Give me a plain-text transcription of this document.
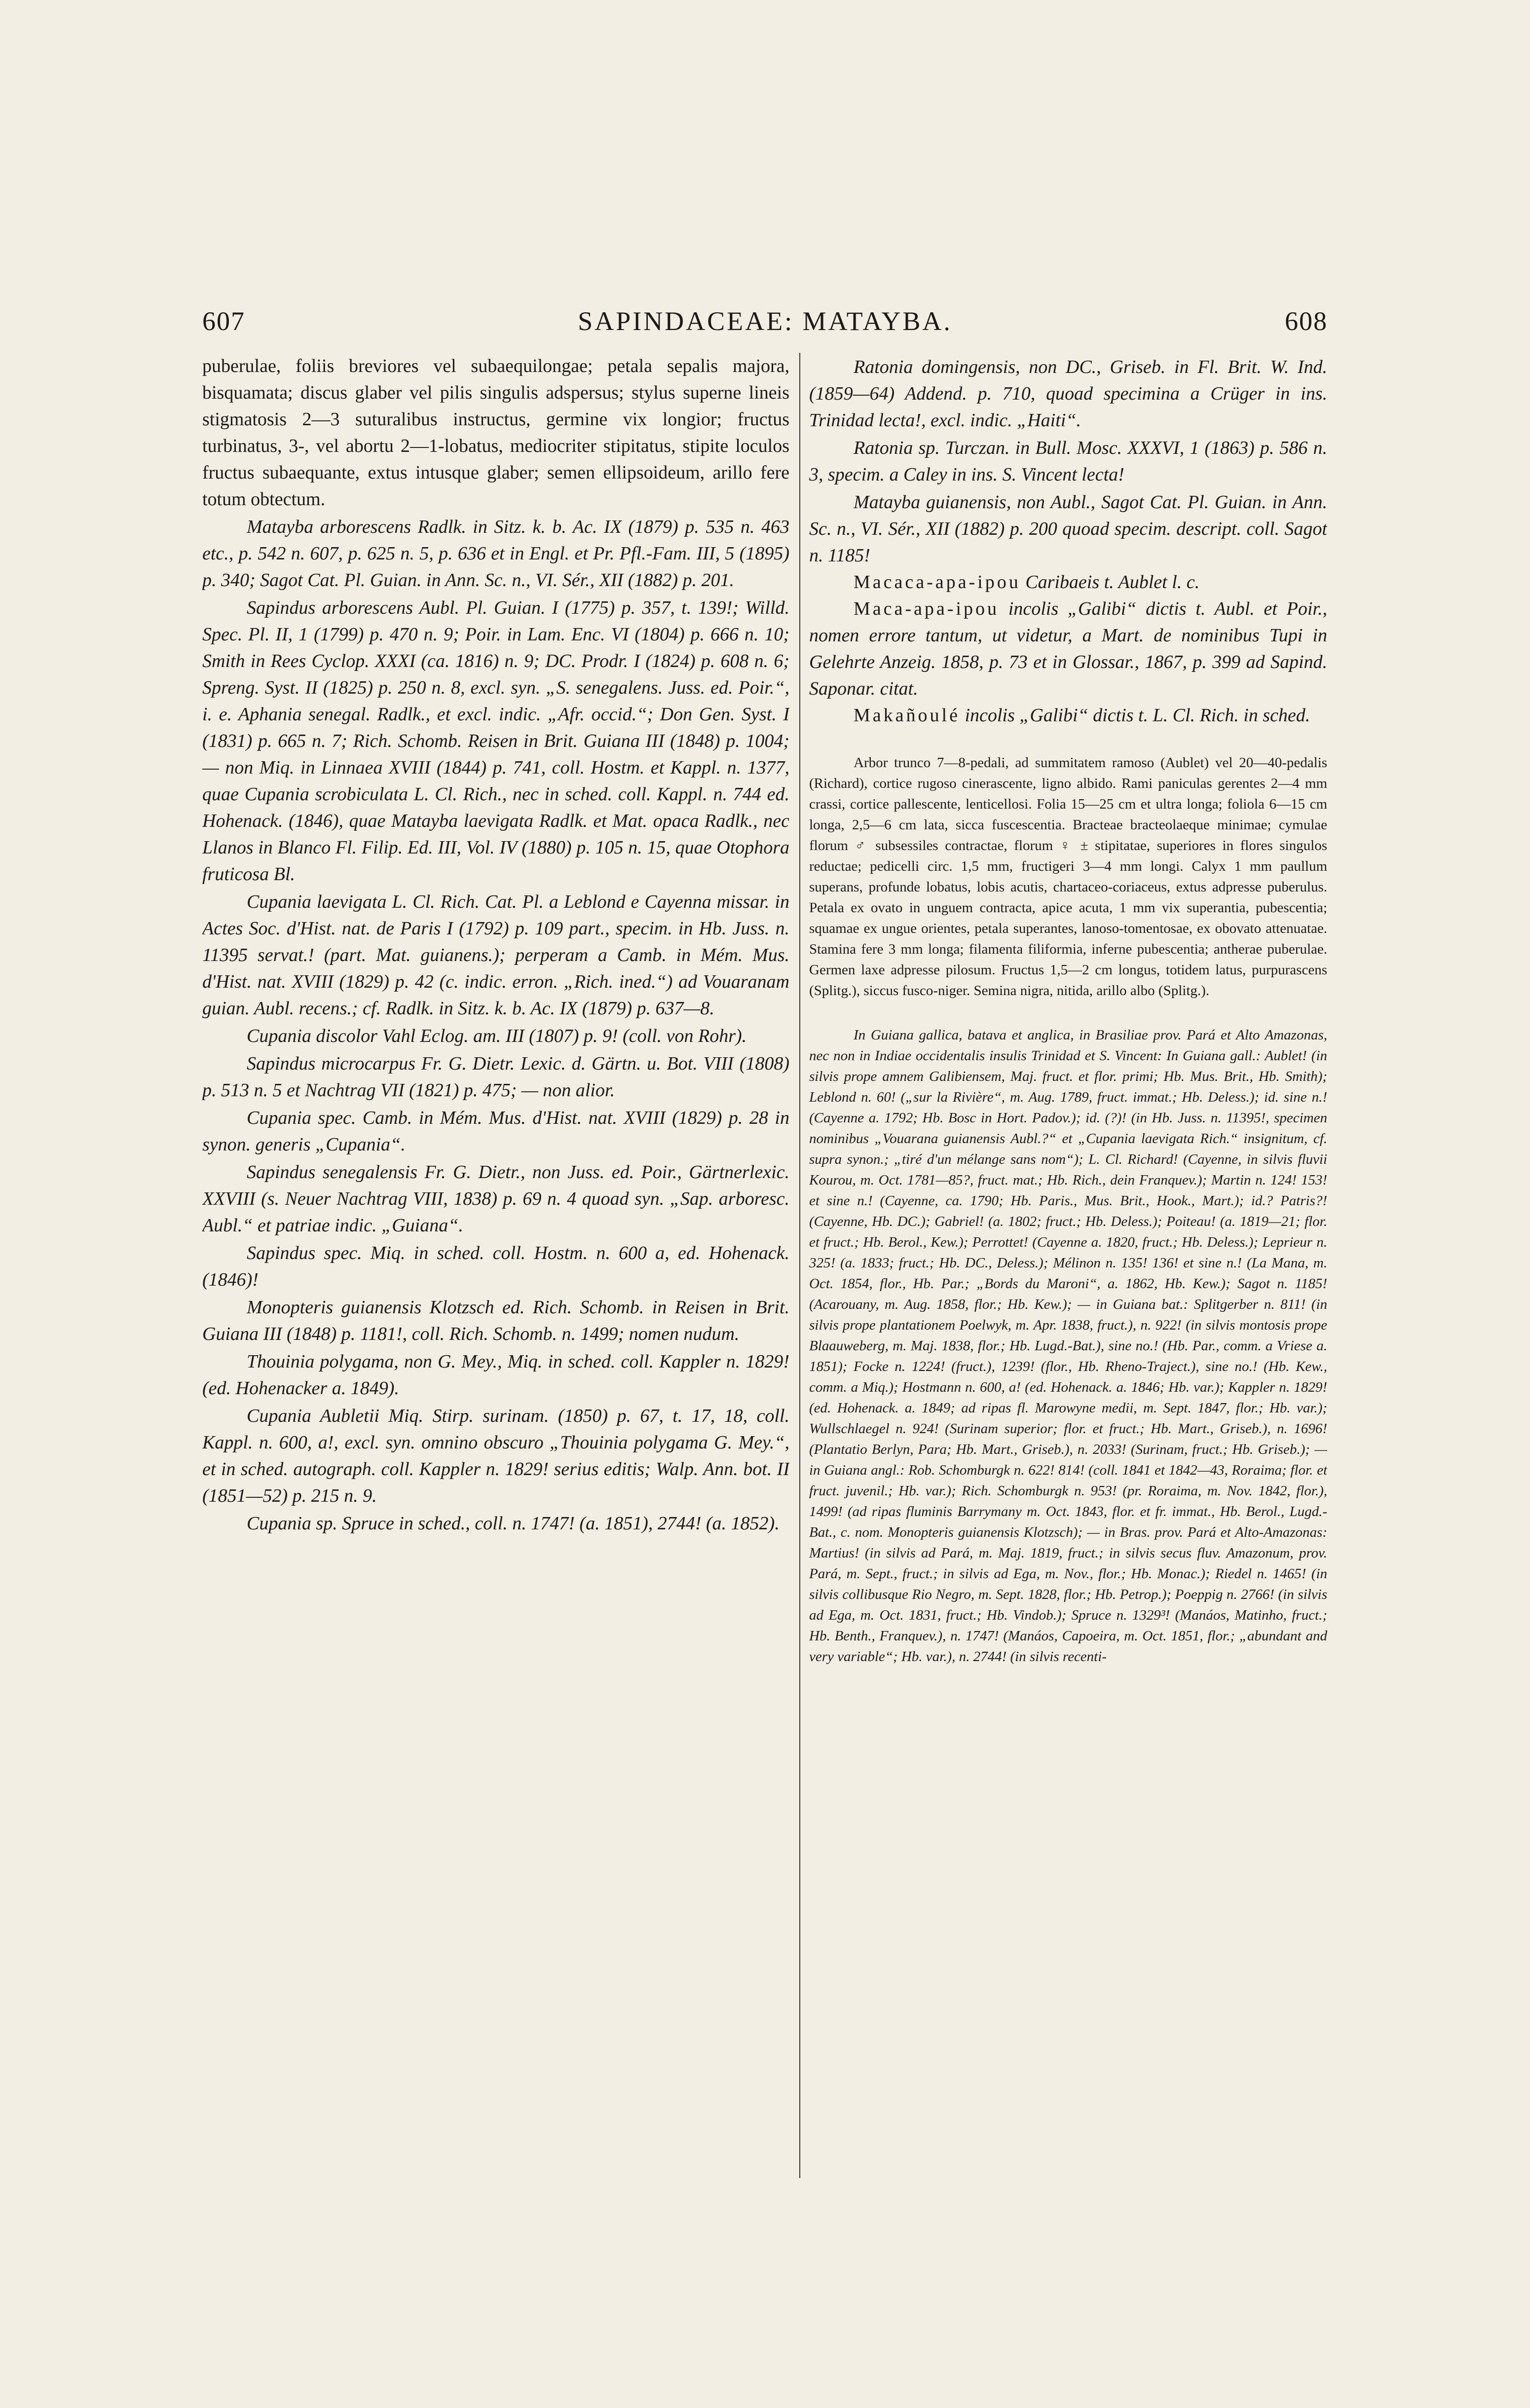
607	SAPINDACEAE: MATAYBA.	608

puberulae, foliis breviores vel subaequilongae; petala sepalis majora, bisquamata; discus glaber vel pilis singulis adspersus; stylus superne lineis stigmatosis 2—3 suturalibus instructus, germine vix longior; fructus turbinatus, 3-, vel abortu 2—1-lobatus, mediocriter stipitatus, stipite loculos fructus subaequante, extus intusque glaber; semen ellipsoideum, arillo fere totum obtectum.

Matayba arborescens Radlk. in Sitz. k. b. Ac. IX (1879) p. 535 n. 463 etc., p. 542 n. 607, p. 625 n. 5, p. 636 et in Engl. et Pr. Pfl.-Fam. III, 5 (1895) p. 340; Sagot Cat. Pl. Guian. in Ann. Sc. n., VI. Sér., XII (1882) p. 201.

Sapindus arborescens Aubl. Pl. Guian. I (1775) p. 357, t. 139!; Willd. Spec. Pl. II, 1 (1799) p. 470 n. 9; Poir. in Lam. Enc. VI (1804) p. 666 n. 10; Smith in Rees Cyclop. XXXI (ca. 1816) n. 9; DC. Prodr. I (1824) p. 608 n. 6; Spreng. Syst. II (1825) p. 250 n. 8, excl. syn. „S. senegalens. Juss. ed. Poir.“, i. e. Aphania senegal. Radlk., et excl. indic. „Afr. occid.“; Don Gen. Syst. I (1831) p. 665 n. 7; Rich. Schomb. Reisen in Brit. Guiana III (1848) p. 1004; — non Miq. in Linnaea XVIII (1844) p. 741, coll. Hostm. et Kappl. n. 1377, quae Cupania scrobiculata L. Cl. Rich., nec in sched. coll. Kappl. n. 744 ed. Hohenack. (1846), quae Matayba laevigata Radlk. et Mat. opaca Radlk., nec Llanos in Blanco Fl. Filip. Ed. III, Vol. IV (1880) p. 105 n. 15, quae Otophora fruticosa Bl.

Cupania laevigata L. Cl. Rich. Cat. Pl. a Leblond e Cayenna missar. in Actes Soc. d'Hist. nat. de Paris I (1792) p. 109 part., specim. in Hb. Juss. n. 11395 servat.! (part. Mat. guianens.); perperam a Camb. in Mém. Mus. d'Hist. nat. XVIII (1829) p. 42 (c. indic. erron. „Rich. ined.“) ad Vouaranam guian. Aubl. recens.; cf. Radlk. in Sitz. k. b. Ac. IX (1879) p. 637—8.

Cupania discolor Vahl Eclog. am. III (1807) p. 9! (coll. von Rohr).

Sapindus microcarpus Fr. G. Dietr. Lexic. d. Gärtn. u. Bot. VIII (1808) p. 513 n. 5 et Nachtrag VII (1821) p. 475; — non alior.

Cupania spec. Camb. in Mém. Mus. d'Hist. nat. XVIII (1829) p. 28 in synon. generis „Cupania“.

Sapindus senegalensis Fr. G. Dietr., non Juss. ed. Poir., Gärtnerlexic. XXVIII (s. Neuer Nachtrag VIII, 1838) p. 69 n. 4 quoad syn. „Sap. arboresc. Aubl.“ et patriae indic. „Guiana“.

Sapindus spec. Miq. in sched. coll. Hostm. n. 600 a, ed. Hohenack. (1846)!

Monopteris guianensis Klotzsch ed. Rich. Schomb. in Reisen in Brit. Guiana III (1848) p. 1181!, coll. Rich. Schomb. n. 1499; nomen nudum.

Thouinia polygama, non G. Mey., Miq. in sched. coll. Kappler n. 1829! (ed. Hohenacker a. 1849).

Cupania Aubletii Miq. Stirp. surinam. (1850) p. 67, t. 17, 18, coll. Kappl. n. 600, a!, excl. syn. omnino obscuro „Thouinia polygama G. Mey.“, et in sched. autograph. coll. Kappler n. 1829! serius editis; Walp. Ann. bot. II (1851—52) p. 215 n. 9.

Cupania sp. Spruce in sched., coll. n. 1747! (a. 1851), 2744! (a. 1852).

Ratonia domingensis, non DC., Griseb. in Fl. Brit. W. Ind. (1859—64) Addend. p. 710, quoad specimina a Crüger in ins. Trinidad lecta!, excl. indic. „Haiti“.

Ratonia sp. Turczan. in Bull. Mosc. XXXVI, 1 (1863) p. 586 n. 3, specim. a Caley in ins. S. Vincent lecta!

Matayba guianensis, non Aubl., Sagot Cat. Pl. Guian. in Ann. Sc. n., VI. Sér., XII (1882) p. 200 quoad specim. descript. coll. Sagot n. 1185!

Macaca-apa-ipou Caribaeis t. Aublet l. c.

Maca-apa-ipou incolis „Galibi“ dictis t. Aubl. et Poir., nomen errore tantum, ut videtur, a Mart. de nominibus Tupi in Gelehrte Anzeig. 1858, p. 73 et in Glossar., 1867, p. 399 ad Sapind. Saponar. citat.

Makañoulé incolis „Galibi“ dictis t. L. Cl. Rich. in sched.

Arbor trunco 7—8-pedali, ad summitatem ramoso (Aublet) vel 20—40-pedalis (Richard), cortice rugoso cinerascente, ligno albido. Rami paniculas gerentes 2—4 mm crassi, cortice pallescente, lenticellosi. Folia 15—25 cm et ultra longa; foliola 6—15 cm longa, 2,5—6 cm lata, sicca fuscescentia. Bracteae bracteolaeque minimae; cymulae florum ♂ subsessiles contractae, florum ♀ ± stipitatae, superiores in flores singulos reductae; pedicelli circ. 1,5 mm, fructigeri 3—4 mm longi. Calyx 1 mm paullum superans, profunde lobatus, lobis acutis, chartaceo-coriaceus, extus adpresse puberulus. Petala ex ovato in unguem contracta, apice acuta, 1 mm vix superantia, pubescentia; squamae ex ungue orientes, petala superantes, lanoso-tomentosae, ex obovato attenuatae. Stamina fere 3 mm longa; filamenta filiformia, inferne pubescentia; antherae puberulae. Germen laxe adpresse pilosum. Fructus 1,5—2 cm longus, totidem latus, purpurascens (Splitg.), siccus fusco-niger. Semina nigra, nitida, arillo albo (Splitg.).

In Guiana gallica, batava et anglica, in Brasiliae prov. Pará et Alto Amazonas, nec non in Indiae occidentalis insulis Trinidad et S. Vincent: In Guiana gall.: Aublet! (in silvis prope amnem Galibiensem, Maj. fruct. et flor. primi; Hb. Mus. Brit., Hb. Smith); Leblond n. 60! („sur la Rivière“, m. Aug. 1789, fruct. immat.; Hb. Deless.); id. sine n.! (Cayenne a. 1792; Hb. Bosc in Hort. Padov.); id. (?)! (in Hb. Juss. n. 11395!, specimen nominibus „Vouarana guianensis Aubl.?“ et „Cupania laevigata Rich.“ insignitum, cf. supra synon.; „tiré d'un mélange sans nom“); L. Cl. Richard! (Cayenne, in silvis fluvii Kourou, m. Oct. 1781—85?, fruct. mat.; Hb. Rich., dein Franquev.); Martin n. 124! 153! et sine n.! (Cayenne, ca. 1790; Hb. Paris., Mus. Brit., Hook., Mart.); id.? Patris?! (Cayenne, Hb. DC.); Gabriel! (a. 1802; fruct.; Hb. Deless.); Poiteau! (a. 1819—21; flor. et fruct.; Hb. Berol., Kew.); Perrottet! (Cayenne a. 1820, fruct.; Hb. Deless.); Leprieur n. 325! (a. 1833; fruct.; Hb. DC., Deless.); Mélinon n. 135! 136! et sine n.! (La Mana, m. Oct. 1854, flor., Hb. Par.; „Bords du Maroni“, a. 1862, Hb. Kew.); Sagot n. 1185! (Acarouany, m. Aug. 1858, flor.; Hb. Kew.); — in Guiana bat.: Splitgerber n. 811! (in silvis prope plantationem Poelwyk, m. Apr. 1838, fruct.), n. 922! (in silvis montosis prope Blaauweberg, m. Maj. 1838, flor.; Hb. Lugd.-Bat.), sine no.! (Hb. Par., comm. a Vriese a. 1851); Focke n. 1224! (fruct.), 1239! (flor., Hb. Rheno-Traject.), sine no.! (Hb. Kew., comm. a Miq.); Hostmann n. 600, a! (ed. Hohenack. a. 1846; Hb. var.); Kappler n. 1829! (ed. Hohenack. a. 1849; ad ripas fl. Marowyne medii, m. Sept. 1847, flor.; Hb. var.); Wullschlaegel n. 924! (Surinam superior; flor. et fruct.; Hb. Mart., Griseb.), n. 1696! (Plantatio Berlyn, Para; Hb. Mart., Griseb.), n. 2033! (Surinam, fruct.; Hb. Griseb.); — in Guiana angl.: Rob. Schomburgk n. 622! 814! (coll. 1841 et 1842—43, Roraima; flor. et fruct. juvenil.; Hb. var.); Rich. Schomburgk n. 953! (pr. Roraima, m. Nov. 1842, flor.), 1499! (ad ripas fluminis Barrymany m. Oct. 1843, flor. et fr. immat., Hb. Berol., Lugd.-Bat., c. nom. Monopteris guianensis Klotzsch); — in Bras. prov. Pará et Alto-Amazonas: Martius! (in silvis ad Pará, m. Maj. 1819, fruct.; in silvis secus fluv. Amazonum, prov. Pará, m. Sept., fruct.; in silvis ad Ega, m. Nov., flor.; Hb. Monac.); Riedel n. 1465! (in silvis collibusque Rio Negro, m. Sept. 1828, flor.; Hb. Petrop.); Poeppig n. 2766! (in silvis ad Ega, m. Oct. 1831, fruct.; Hb. Vindob.); Spruce n. 1329³! (Manáos, Matinho, fruct.; Hb. Benth., Franquev.), n. 1747! (Manáos, Capoeira, m. Oct. 1851, flor.; „abundant and very variable“; Hb. var.), n. 2744! (in silvis recenti-
